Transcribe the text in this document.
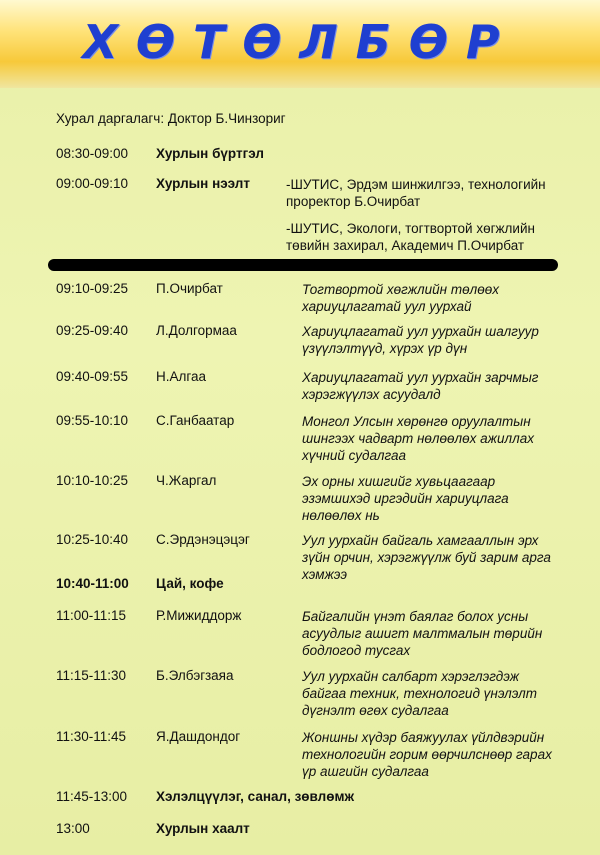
ХӨТӨЛБӨР
Хурал даргалагч: Доктор Б.Чинзориг
08:30-09:00 Хурлын бүртгэл
09:00-09:10 Хурлын нээлт	-ШУТИС, Эрдэм шинжилгээ, технологийн проректор Б.Очирбат
-ШУТИС, Экологи, тогтвортой хөгжлийн төвийн захирал, Академич П.Очирбат
09:10-09:25 П.Очирбат	Тогтвортой хөгжлийн төлөөх хариуцлагатай уул уурхай
09:25-09:40 Л.Долгормаа	Хариуцлагатай уул уурхайн шалгуур үзүүлэлтүүд, хүрэх үр дүн
09:40-09:55 Н.Алгаа	Хариуцлагатай уул уурхайн зарчмыг хэрэгжүүлэх асуудалд
09:55-10:10 С.Ганбаатар	Монгол Улсын хөрөнгө оруулалтын шингээх чадварт нөлөөлөх ажиллах хүчний судалгаа
10:10-10:25 Ч.Жаргал	Эх орны хишгийг хувьцаагаар эзэмшихэд иргэдийн хариуцлага нөлөөлөх нь
10:25-10:40 С.Эрдэнэцэцэг	Уул уурхайн байгаль хамгааллын эрх зүйн орчин, хэрэгжүүлж буй зарим арга хэмжээ
10:40-11:00 Цай, кофе
11:00-11:15 Р.Мижиддорж	Байгалийн үнэт баялаг болох усны асуудлыг ашигт малтмалын төрийн бодлогод тусгах
11:15-11:30 Б.Элбэгзаяа	Уул уурхайн салбарт хэрэглэгдэж байгаа техник, технологид үнэлэлт дүгнэлт өгөх судалгаа
11:30-11:45 Я.Дашдондог	Жоншны хүдэр баяжуулах үйлдвэрийн технологийн горим өөрчилснөөр гарах үр ашгийн судалгаа
11:45-13:00 Хэлэлцүүлэг, санал, зөвлөмж
13:00	Хурлын хаалт
